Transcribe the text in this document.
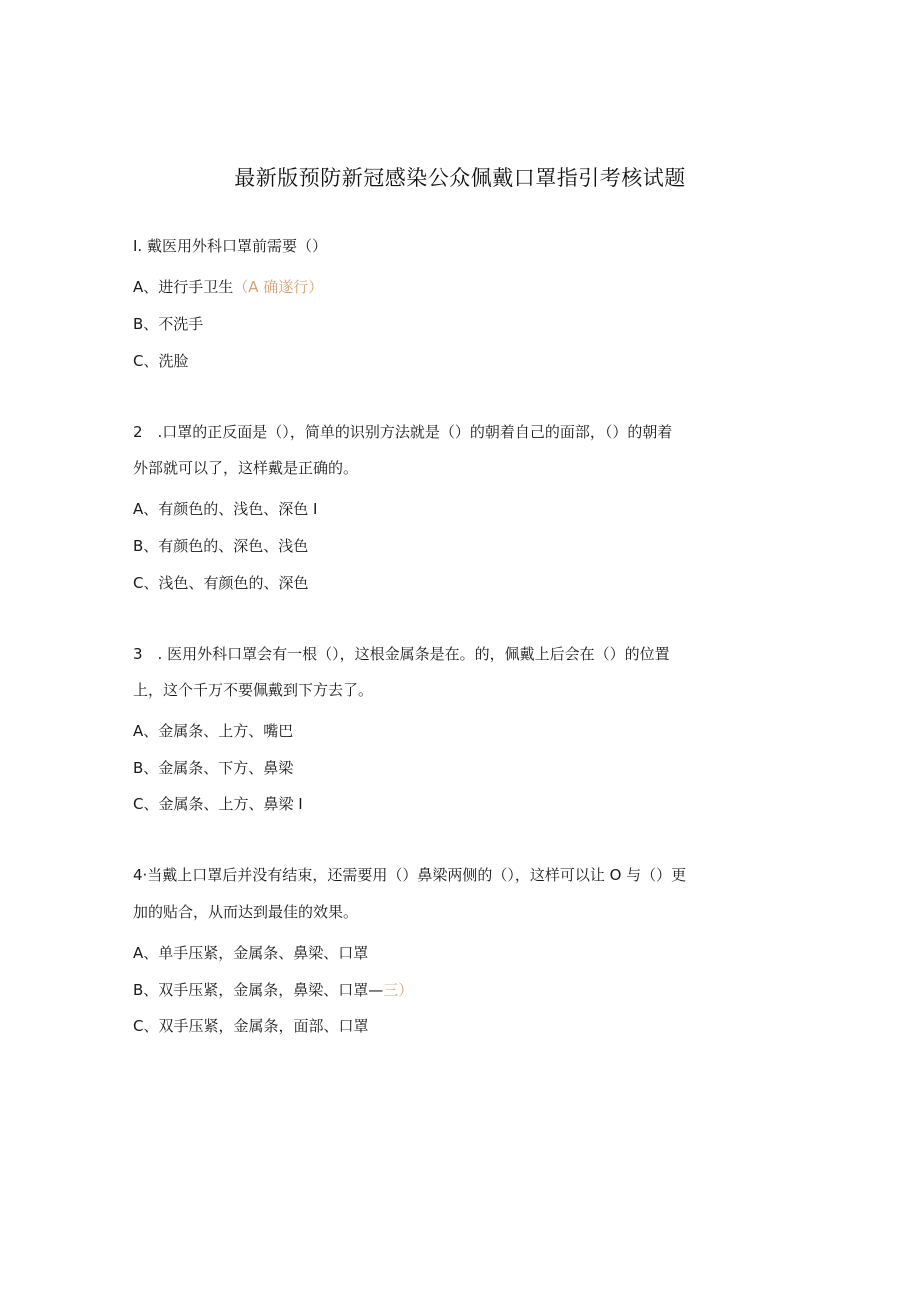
最新版预防新冠感染公众佩戴口罩指引考核试题
I. 戴医用外科口罩前需要（）
A、进行手卫生（A 确遂行）
B、不洗手
C、洗脸
2　.口罩的正反面是（），简单的识别方法就是（）的朝着自己的面部，（）的朝着
外部就可以了，这样戴是正确的。
A、有颜色的、浅色、深色 I
B、有颜色的、深色、浅色
C、浅色、有颜色的、深色
3　. 医用外科口罩会有一根（），这根金属条是在。的，佩戴上后会在（）的位置
上，这个千万不要佩戴到下方去了。
A、金属条、上方、嘴巴
B、金属条、下方、鼻梁
C、金属条、上方、鼻梁 I
4·当戴上口罩后并没有结束，还需要用（）鼻梁两侧的（），这样可以让 O 与（）更
加的贴合，从而达到最佳的效果。
A、单手压紧，金属条、鼻梁、口罩
B、双手压紧，金属条，鼻梁、口罩—三）
C、双手压紧，金属条，面部、口罩
